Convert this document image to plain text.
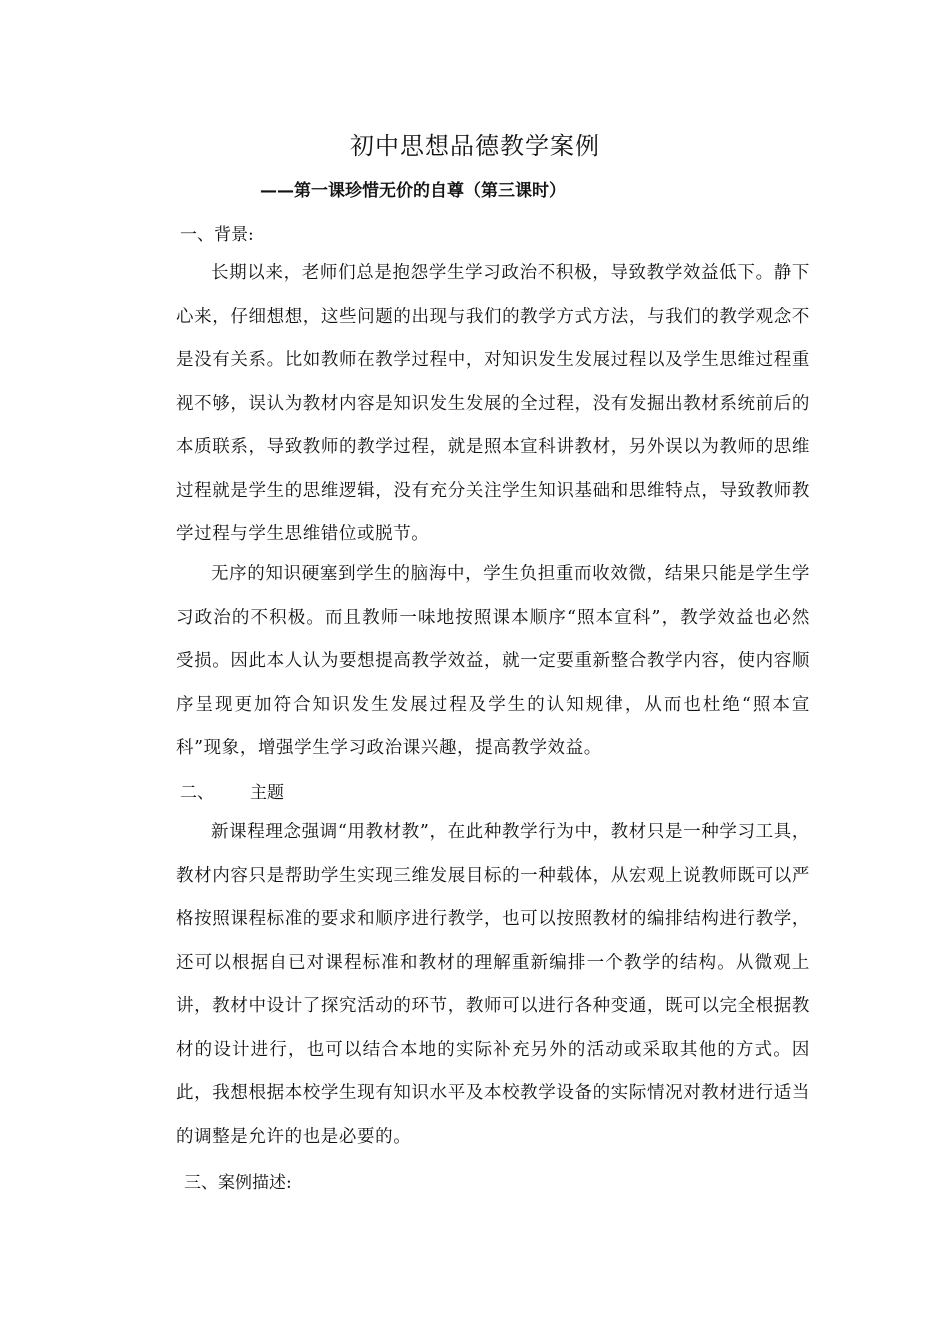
初中思想品德教学案例
——第一课珍惜无价的自尊（第三课时）
一、背景:

长期以来，老师们总是抱怨学生学习政治不积极，导致教学效益低下。静下心来，仔细想想，这些问题的出现与我们的教学方式方法，与我们的教学观念不是没有关系。比如教师在教学过程中，对知识发生发展过程以及学生思维过程重视不够，误认为教材内容是知识发生发展的全过程，没有发掘出教材系统前后的本质联系，导致教师的教学过程，就是照本宣科讲教材，另外误以为教师的思维过程就是学生的思维逻辑，没有充分关注学生知识基础和思维特点，导致教师教学过程与学生思维错位或脱节。

无序的知识硬塞到学生的脑海中，学生负担重而收效微，结果只能是学生学习政治的不积极。而且教师一味地按照课本顺序“照本宣科”，教学效益也必然受损。因此本人认为要想提高教学效益，就一定要重新整合教学内容，使内容顺序呈现更加符合知识发生发展过程及学生的认知规律，从而也杜绝“照本宣科”现象，增强学生学习政治课兴趣，提高教学效益。

二、 主题

新课程理念强调“用教材教”，在此种教学行为中，教材只是一种学习工具，教材内容只是帮助学生实现三维发展目标的一种载体，从宏观上说教师既可以严格按照课程标准的要求和顺序进行教学，也可以按照教材的编排结构进行教学，还可以根据自已对课程标准和教材的理解重新编排一个教学的结构。从微观上讲，教材中设计了探究活动的环节，教师可以进行各种变通，既可以完全根据教材的设计进行，也可以结合本地的实际补充另外的活动或采取其他的方式。因此，我想根据本校学生现有知识水平及本校教学设备的实际情况对教材进行适当的调整是允许的也是必要的。

三、案例描述:
